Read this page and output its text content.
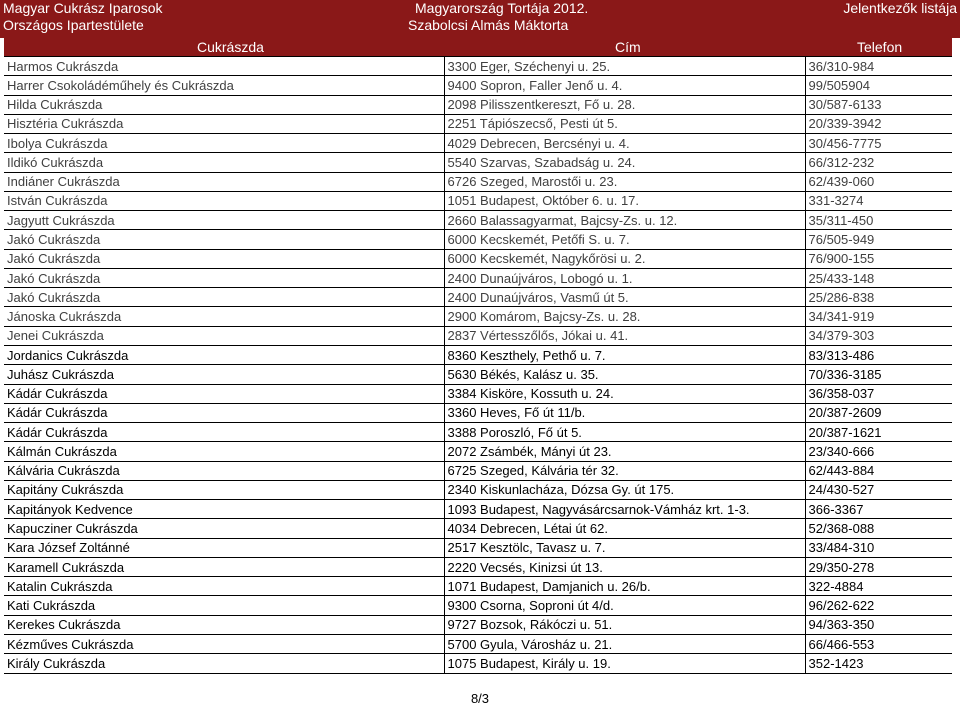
Magyar Cukrász Iparosok
Országos Ipartestülete
Magyarország Tortája 2012.
Szabolcsi Almás Máktorta
Jelentkezők listája
Cukrászda	Cím	Telefon
Harmos Cukrászda	3300 Eger, Széchenyi u. 25.	36/310-984
Harrer Csokoládéműhely és Cukrászda	9400 Sopron, Faller Jenő u. 4.	99/505904
Hilda Cukrászda	2098 Pilisszentkereszt, Fő u. 28.	30/587-6133
Hisztéria Cukrászda	2251 Tápiószecső, Pesti út 5.	20/339-3942
Ibolya Cukrászda	4029 Debrecen, Bercsényi u. 4.	30/456-7775
Ildikó Cukrászda	5540 Szarvas, Szabadság u. 24.	66/312-232
Indiáner Cukrászda	6726 Szeged, Marostői u. 23.	62/439-060
István Cukrászda	1051 Budapest, Október 6. u. 17.	331-3274
Jagyutt Cukrászda	2660 Balassagyarmat, Bajcsy-Zs. u. 12.	35/311-450
Jakó Cukrászda	6000 Kecskemét, Petőfi S. u. 7.	76/505-949
Jakó Cukrászda	6000 Kecskemét, Nagykőrösi u. 2.	76/900-155
Jakó Cukrászda	2400 Dunaújváros, Lobogó u. 1.	25/433-148
Jakó Cukrászda	2400 Dunaújváros, Vasmű út 5.	25/286-838
Jánoska Cukrászda	2900 Komárom, Bajcsy-Zs. u. 28.	34/341-919
Jenei Cukrászda	2837 Vértesszőlős, Jókai u. 41.	34/379-303
Jordanics Cukrászda	8360 Keszthely, Pethő u. 7.	83/313-486
Juhász Cukrászda	5630 Békés, Kalász u. 35.	70/336-3185
Kádár Cukrászda	3384 Kisköre, Kossuth u. 24.	36/358-037
Kádár Cukrászda	3360 Heves, Fő út 11/b.	20/387-2609
Kádár Cukrászda	3388 Poroszló, Fő út 5.	20/387-1621
Kálmán Cukrászda	2072 Zsámbék, Mányi út 23.	23/340-666
Kálvária Cukrászda	6725 Szeged, Kálvária tér 32.	62/443-884
Kapitány Cukrászda	2340 Kiskunlacháza, Dózsa Gy. út 175.	24/430-527
Kapitányok Kedvence	1093 Budapest, Nagyvásárcsarnok-Vámház krt. 1-3.	366-3367
Kapucziner Cukrászda	4034 Debrecen, Létai út 62.	52/368-088
Kara József Zoltánné	2517 Kesztölc, Tavasz u. 7.	33/484-310
Karamell Cukrászda	2220 Vecsés, Kinizsi út 13.	29/350-278
Katalin Cukrászda	1071 Budapest, Damjanich u. 26/b.	322-4884
Kati Cukrászda	9300 Csorna, Soproni út 4/d.	96/262-622
Kerekes Cukrászda	9727 Bozsok, Rákóczi u. 51.	94/363-350
Kézműves Cukrászda	5700 Gyula, Városház u. 21.	66/466-553
Király Cukrászda	1075 Budapest, Király u. 19.	352-1423
8/3
